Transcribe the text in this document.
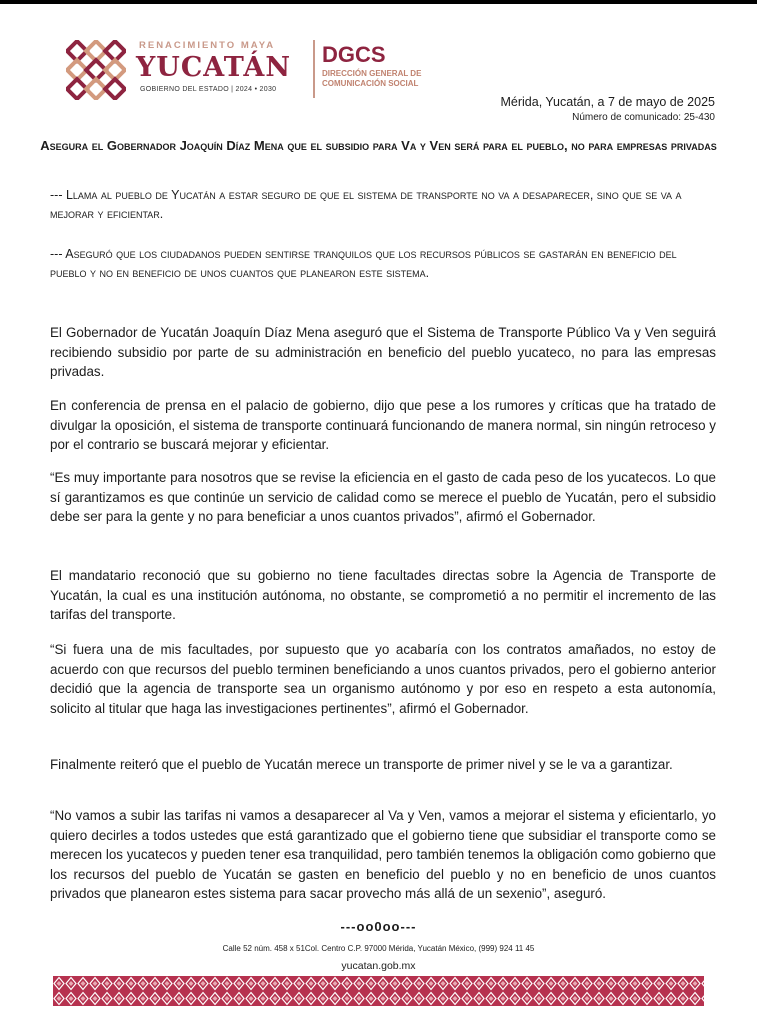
RENACIMIENTO MAYA
YUCATÁN
GOBIERNO DEL ESTADO | 2024 • 2030
DGCS
DIRECCIÓN GENERAL DE
COMUNICACIÓN SOCIAL
Mérida, Yucatán, a 7 de mayo de 2025
Número de comunicado: 25-430
Asegura el Gobernador Joaquín Díaz Mena que el subsidio para Va y Ven será para el pueblo, no para empresas privadas
--- Llama al pueblo de Yucatán a estar seguro de que el sistema de transporte no va a desaparecer, sino que se va a mejorar y eficientar.
--- Aseguró que los ciudadanos pueden sentirse tranquilos que los recursos públicos se gastarán en beneficio del pueblo y no en beneficio de unos cuantos que planearon este sistema.
El Gobernador de Yucatán Joaquín Díaz Mena aseguró que el Sistema de Transporte Público Va y Ven seguirá recibiendo subsidio por parte de su administración en beneficio del pueblo yucateco, no para las empresas privadas.
En conferencia de prensa en el palacio de gobierno, dijo que pese a los rumores y críticas que ha tratado de divulgar la oposición, el sistema de transporte continuará funcionando de manera normal, sin ningún retroceso y por el contrario se buscará mejorar y eficientar.
“Es muy importante para nosotros que se revise la eficiencia en el gasto de cada peso de los yucatecos. Lo que sí garantizamos es que continúe un servicio de calidad como se merece el pueblo de Yucatán, pero el subsidio debe ser para la gente y no para beneficiar a unos cuantos privados”, afirmó el Gobernador.
El mandatario reconoció que su gobierno no tiene facultades directas sobre la Agencia de Transporte de Yucatán, la cual es una institución autónoma, no obstante, se comprometió a no permitir el incremento de las tarifas del transporte.
“Si fuera una de mis facultades, por supuesto que yo acabaría con los contratos amañados, no estoy de acuerdo con que recursos del pueblo terminen beneficiando a unos cuantos privados, pero el gobierno anterior decidió que la agencia de transporte sea un organismo autónomo y por eso en respeto a esta autonomía, solicito al titular que haga las investigaciones pertinentes”, afirmó el Gobernador.
Finalmente reiteró que el pueblo de Yucatán merece un transporte de primer nivel y se le va a garantizar.
“No vamos a subir las tarifas ni vamos a desaparecer al Va y Ven, vamos a mejorar el sistema y eficientarlo, yo quiero decirles a todos ustedes que está garantizado que el gobierno tiene que subsidiar el transporte como se merecen los yucatecos y pueden tener esa tranquilidad, pero también tenemos la obligación como gobierno que los recursos del pueblo de Yucatán se gasten en beneficio del pueblo y no en beneficio de unos cuantos privados que planearon estes sistema para sacar provecho más allá de un sexenio”, aseguró.
---oo0oo---
Calle 52 núm. 458 x 51Col. Centro C.P. 97000 Mérida, Yucatán México, (999) 924 11 45
yucatan.gob.mx
